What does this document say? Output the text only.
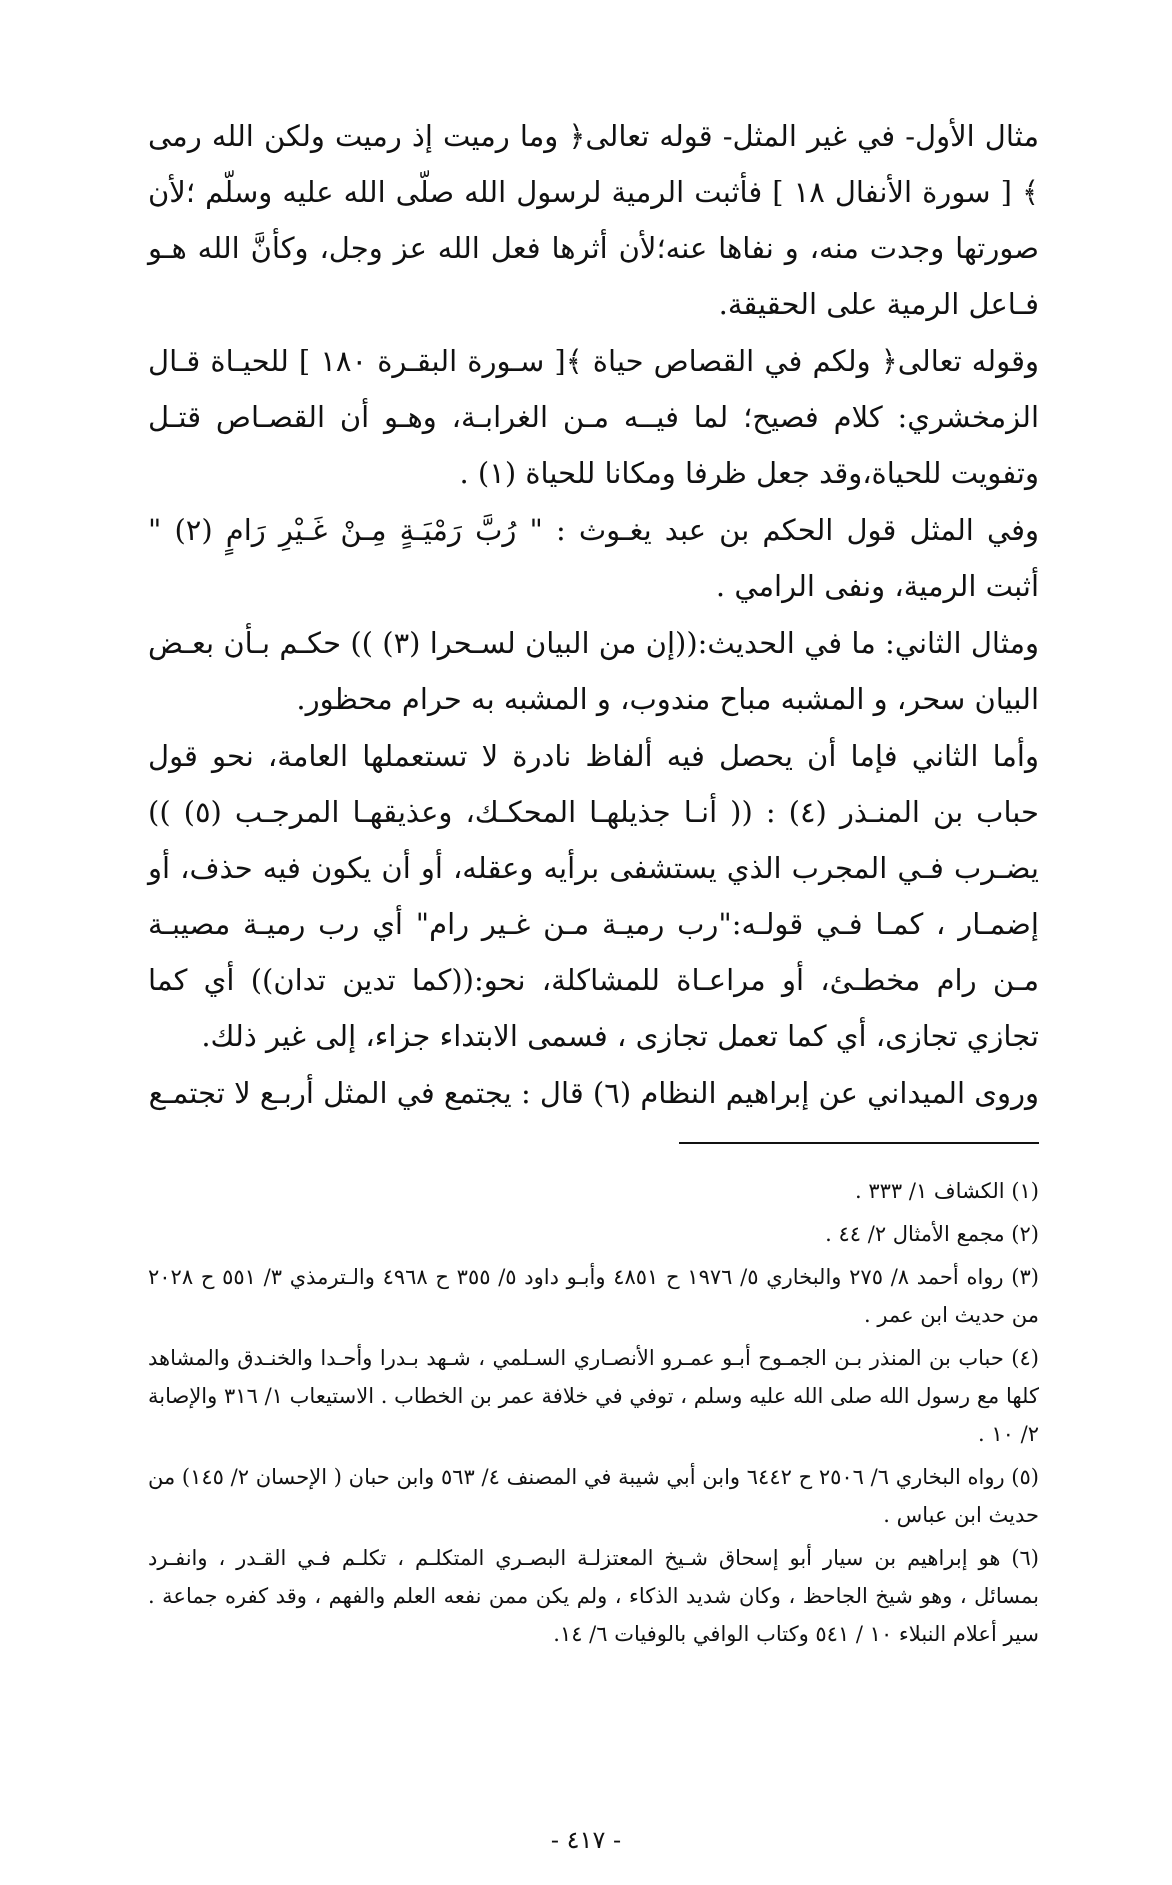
مثال الأول- في غير المثل- قوله تعالى﴿ وما رميت إذ رميت ولكن الله رمى ﴾ [ سورة الأنفال ١٨ ] فأثبت الرمية لرسول الله صلّى الله عليه وسلّم ؛لأن صورتها وجدت منه، و نفاها عنه؛لأن أثرها فعل الله عز وجل، وكأنَّ الله هـو فـاعل الرمية على الحقيقة.

وقوله تعالى﴿ ولكم في القصاص حياة ﴾[ سـورة البقـرة ١٨٠ ] للحيـاة قـال الزمخشري: كلام فصيح؛ لما فيــه مـن الغرابـة، وهـو أن القصـاص قتـل وتفويت للحياة،وقد جعل ظرفا ومكانا للحياة (١) .

وفي المثل قول الحكم بن عبد يغـوث : " رُبَّ رَمْيَـةٍ مِـنْ غَـيْرِ رَامٍ (٢) " أثبت الرمية، ونفى الرامي .

ومثال الثاني: ما في الحديث:((إن من البيان لسـحرا (٣) )) حكـم بـأن بعـض البيان سحر، و المشبه مباح مندوب، و المشبه به حرام محظور.

وأما الثاني فإما أن يحصل فيه ألفاظ نادرة لا تستعملها العامة، نحو قول حباب بن المنـذر (٤) : (( أنـا جذيلهـا المحكـك، وعذيقهـا المرجـب (٥) )) يضـرب فـي المجرب الذي يستشفى برأيه وعقله، أو أن يكون فيه حذف، أو إضمـار ، كمـا فـي قولـه:"رب رميـة مـن غـير رام" أي رب رميـة مصيبـة مـن رام مخطـئ، أو مراعـاة للمشاكلة، نحو:((كما تدين تدان)) أي كما تجازي تجازى، أي كما تعمل تجازى ، فسمى الابتداء جزاء، إلى غير ذلك.

وروى الميداني عن إبراهيم النظام (٦) قال : يجتمع في المثل أربـع لا تجتمـع

(١) الكشاف ١/ ٣٣٣ .

(٢) مجمع الأمثال ٢/ ٤٤ .

(٣) رواه أحمد ٨/ ٢٧٥ والبخاري ٥/ ١٩٧٦ ح ٤٨٥١ وأبـو داود ٥/ ٣٥٥ ح ٤٩٦٨ والـترمذي ٣/ ٥٥١ ح ٢٠٢٨ من حديث ابن عمر .

(٤) حباب بن المنذر بـن الجمـوح أبـو عمـرو الأنصـاري السـلمي ، شـهد بـدرا وأحـدا والخنـدق والمشاهد كلها مع رسول الله صلى الله عليه وسلم ، توفي في خلافة عمر بن الخطاب . الاستيعاب ١/ ٣١٦ والإصابة ٢/ ١٠ .

(٥) رواه البخاري ٦/ ٢٥٠٦ ح ٦٤٤٢ وابن أبي شيبة في المصنف ٤/ ٥٦٣ وابن حبان ( الإحسان ٢/ ١٤٥) من حديث ابن عباس .

(٦) هو إبراهيم بن سيار أبو إسحاق شـيخ المعتزلـة البصـري المتكلـم ، تكلـم فـي القـدر ، وانفـرد بمسائل ، وهو شيخ الجاحظ ، وكان شديد الذكاء ، ولم يكن ممن نفعه العلم والفهم ، وقد كفره جماعة . سير أعلام النبلاء ١٠ / ٥٤١ وكتاب الوافي بالوفيات ٦/ ١٤.

- ٤١٧ -
